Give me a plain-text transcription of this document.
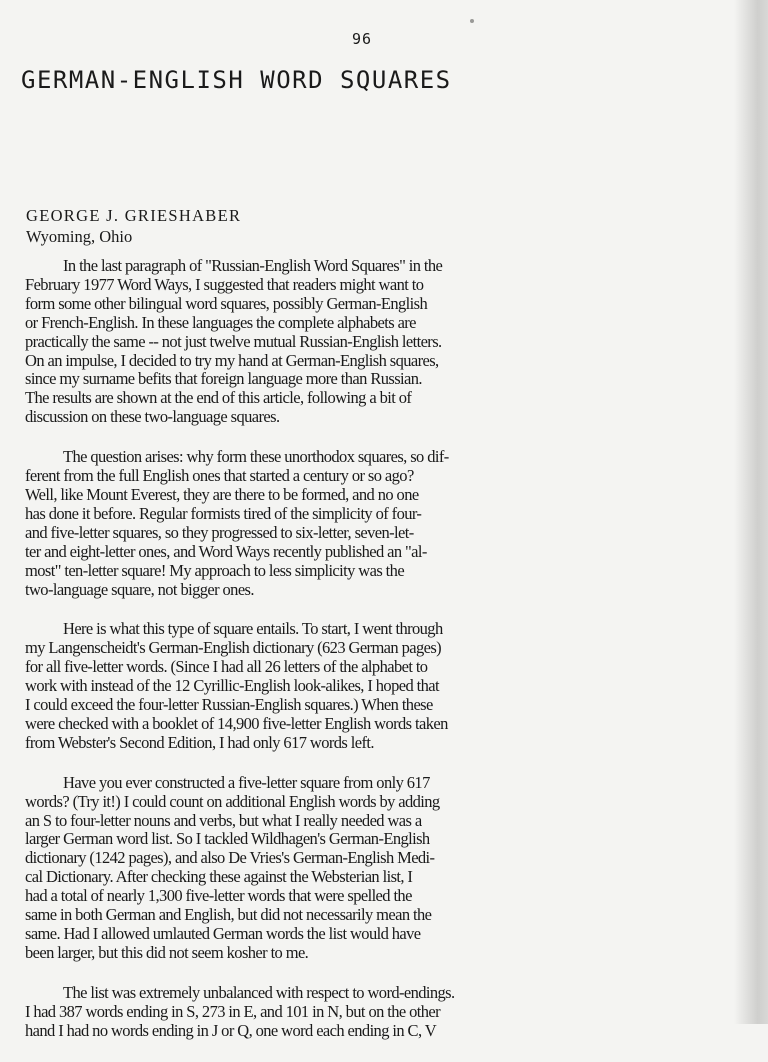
96
GERMAN-ENGLISH WORD SQUARES
GEORGE J. GRIESHABER
Wyoming, Ohio

In the last paragraph of "Russian-English Word Squares" in the
February 1977 Word Ways, I suggested that readers might want to
form some other bilingual word squares, possibly German-English
or French-English. In these languages the complete alphabets are
practically the same -- not just twelve mutual Russian-English letters.
On an impulse, I decided to try my hand at German-English squares,
since my surname befits that foreign language more than Russian.
The results are shown at the end of this article, following a bit of
discussion on these two-language squares.

The question arises: why form these unorthodox squares, so dif-
ferent from the full English ones that started a century or so ago?
Well, like Mount Everest, they are there to be formed, and no one
has done it before. Regular formists tired of the simplicity of four-
and five-letter squares, so they progressed to six-letter, seven-let-
ter and eight-letter ones, and Word Ways recently published an "al-
most" ten-letter square! My approach to less simplicity was the
two-language square, not bigger ones.

Here is what this type of square entails. To start, I went through
my Langenscheidt's German-English dictionary (623 German pages)
for all five-letter words. (Since I had all 26 letters of the alphabet to
work with instead of the 12 Cyrillic-English look-alikes, I hoped that
I could exceed the four-letter Russian-English squares.) When these
were checked with a booklet of 14,900 five-letter English words taken
from Webster's Second Edition, I had only 617 words left.

Have you ever constructed a five-letter square from only 617
words? (Try it!) I could count on additional English words by adding
an S to four-letter nouns and verbs, but what I really needed was a
larger German word list. So I tackled Wildhagen's German-English
dictionary (1242 pages), and also De Vries's German-English Medi-
cal Dictionary. After checking these against the Websterian list, I
had a total of nearly 1,300 five-letter words that were spelled the
same in both German and English, but did not necessarily mean the
same. Had I allowed umlauted German words the list would have
been larger, but this did not seem kosher to me.

The list was extremely unbalanced with respect to word-endings.
I had 387 words ending in S, 273 in E, and 101 in N, but on the other
hand I had no words ending in J or Q, one word each ending in C, V
